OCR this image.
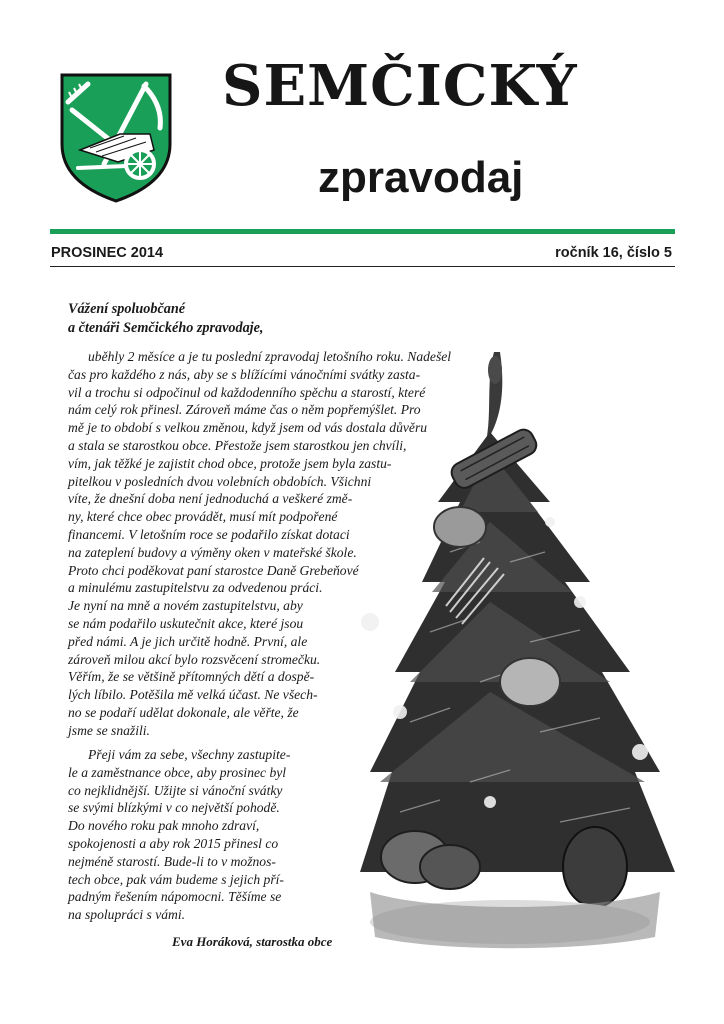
SEMČICKÝ
zpravodaj
PROSINEC 2014	ročník 16, číslo 5
Vážení spoluobčané
a čtenáři Semčického zpravodaje,
uběhly 2 měsíce a je tu poslední zpravodaj letošního roku. Nadešel
čas pro každého z nás, aby se s blížícími vánočními svátky zasta-
vil a trochu si odpočinul od každodenního spěchu a starostí, které
nám celý rok přinesl. Zároveň máme čas o něm popřemýšlet. Pro
mě je to období s velkou změnou, když jsem od vás dostala důvěru
a stala se starostkou obce. Přestože jsem starostkou jen chvíli,
vím, jak těžké je zajistit chod obce, protože jsem byla zastu-
pitelkou v posledních dvou volebních obdobích. Všichni
víte, že dnešní doba není jednoduchá a veškeré změ-
ny, které chce obec provádět, musí mít podpořené
financemi. V letošním roce se podařilo získat dotaci
na zateplení budovy a výměny oken v mateřské škole.
Proto chci poděkovat paní starostce Daně Grebeňové
a minulému zastupitelstvu za odvedenou práci.
Je nyní na mně a novém zastupitelstvu, aby
se nám podařilo uskutečnit akce, které jsou
před námi. A je jich určitě hodně. První, ale
zároveň milou akcí bylo rozsvěcení stromečku.
Věřím, že se většině přítomných dětí a dospě-
lých líbilo. Potěšila mě velká účast. Ne všech-
no se podaří udělat dokonale, ale věřte, že
jsme se snažili.
Přeji vám za sebe, všechny zastupite-
le a zaměstnance obce, aby prosinec byl
co nejklidnější. Užijte si vánoční svátky
se svými blízkými v co největší pohodě.
Do nového roku pak mnoho zdraví,
spokojenosti a aby rok 2015 přinesl co
nejméně starostí. Bude-li to v možnos-
tech obce, pak vám budeme s jejich pří-
padným řešením nápomocni. Těšíme se
na spolupráci s vámi.
Eva Horáková, starostka obce
